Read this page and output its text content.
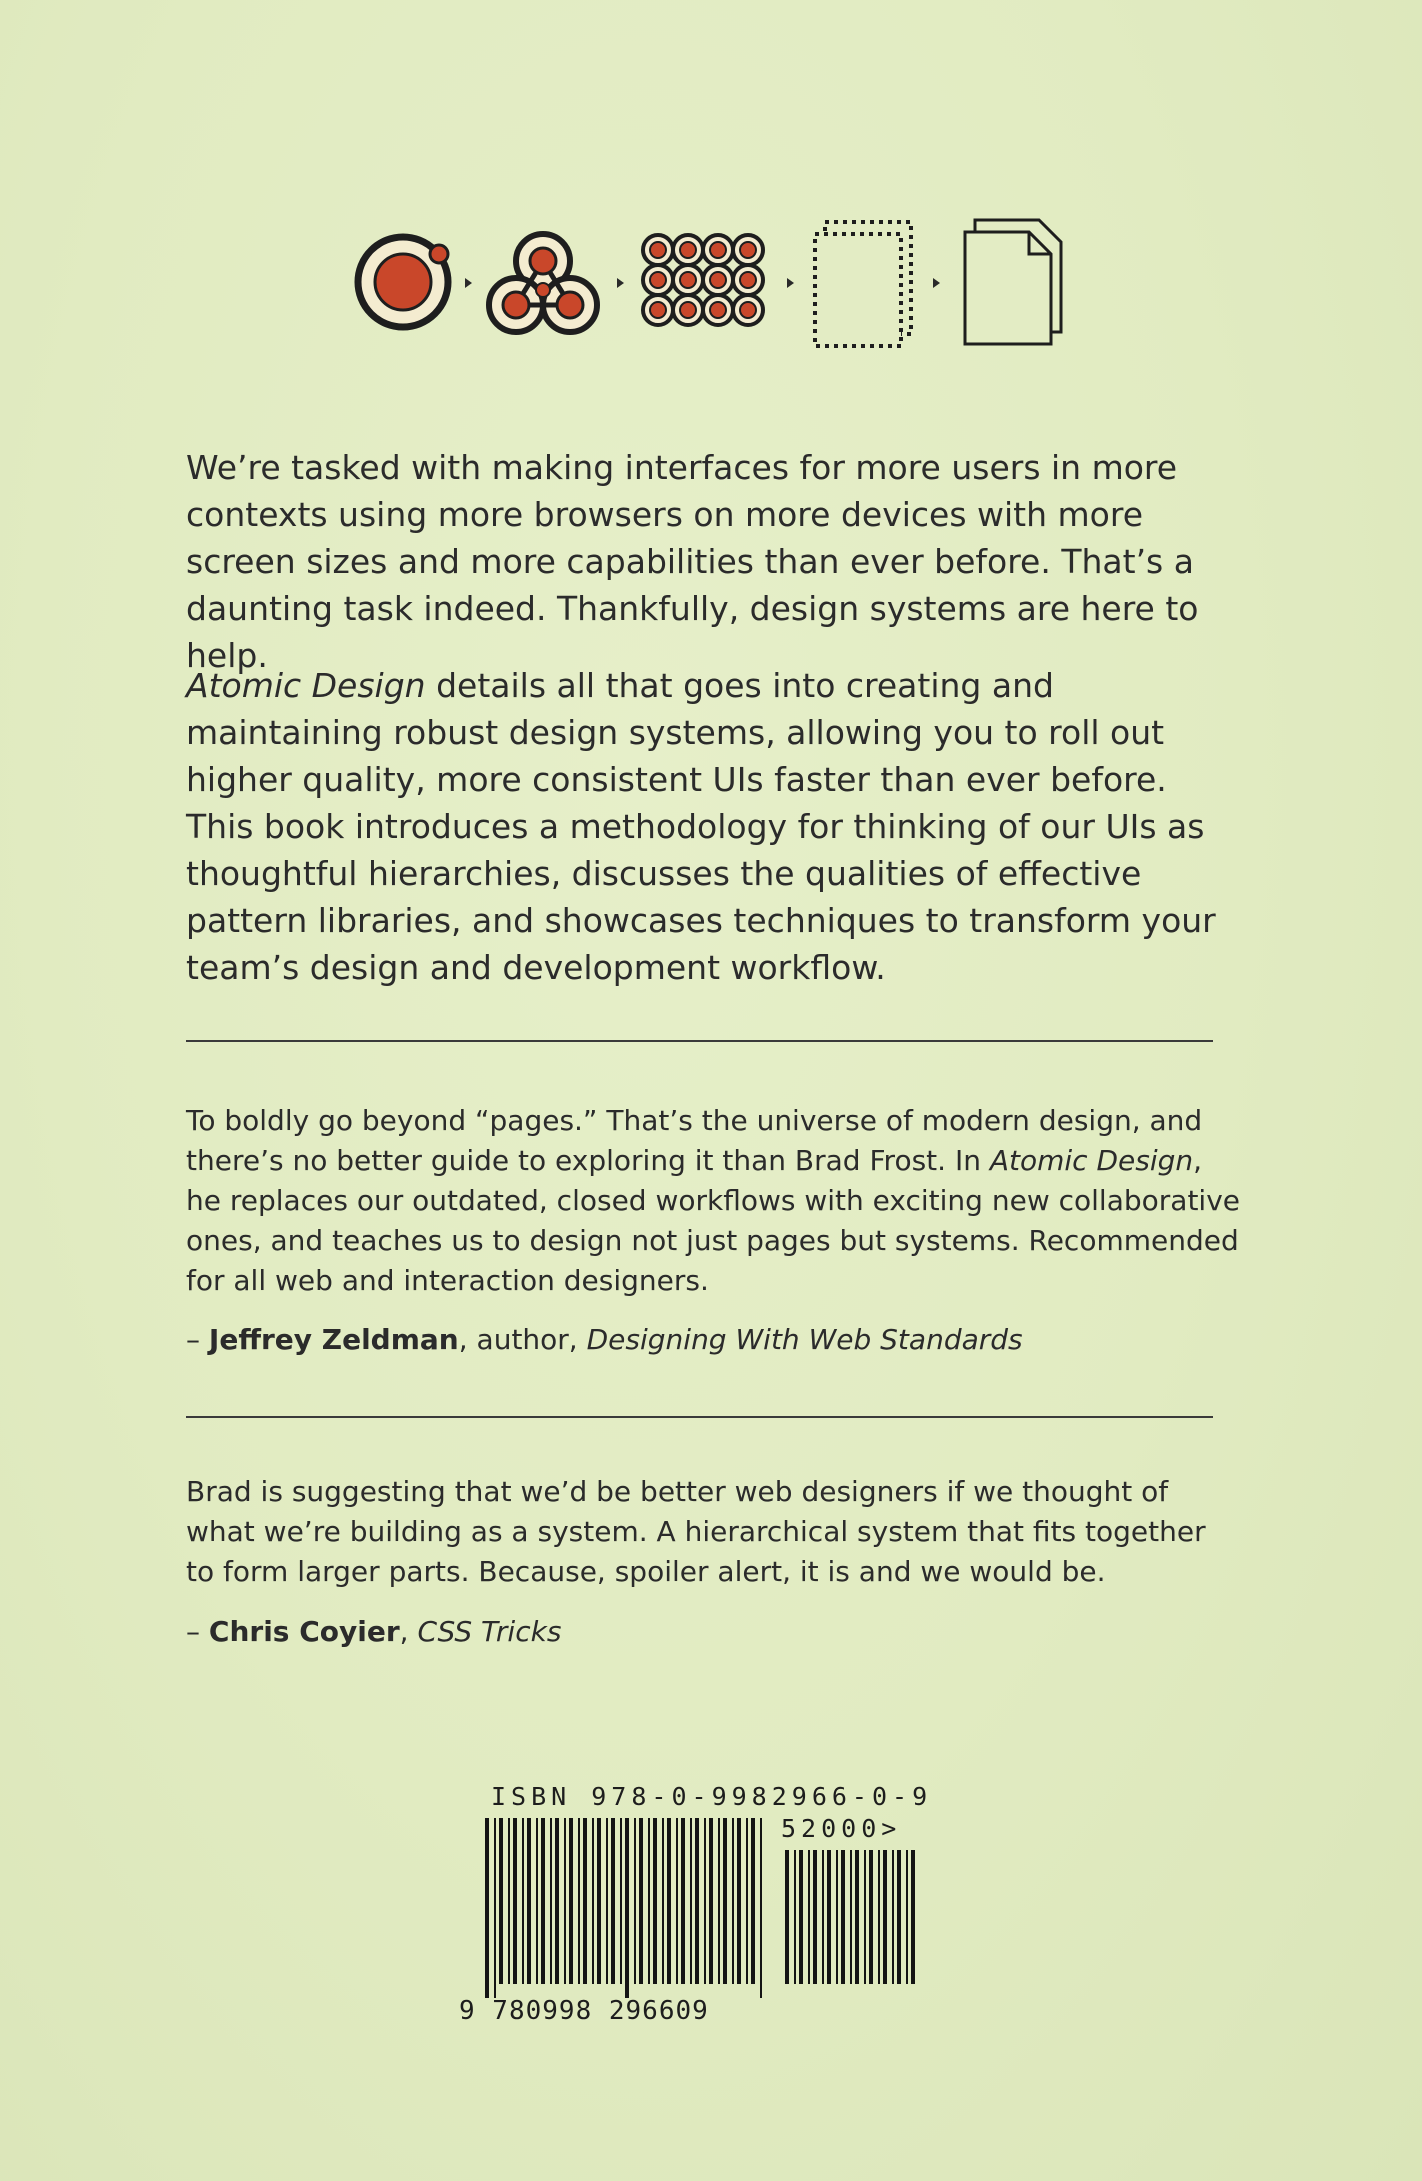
We’re tasked with making interfaces for more users in more contexts using more browsers on more devices with more screen sizes and more capabilities than ever before. That’s a daunting task indeed. Thankfully, design systems are here to help.

Atomic Design details all that goes into creating and maintaining robust design systems, allowing you to roll out higher quality, more consistent UIs faster than ever before. This book introduces a methodology for thinking of our UIs as thoughtful hierarchies, discusses the qualities of effective pattern libraries, and showcases techniques to transform your team’s design and development workflow.

To boldly go beyond “pages.” That’s the universe of modern design, and there’s no better guide to exploring it than Brad Frost. In Atomic Design, he replaces our outdated, closed workflows with exciting new collaborative ones, and teaches us to design not just pages but systems. Recommended for all web and interaction designers.

– Jeffrey Zeldman, author, Designing With Web Standards

Brad is suggesting that we’d be better web designers if we thought of what we’re building as a system. A hierarchical system that fits together to form larger parts. Because, spoiler alert, it is and we would be.

– Chris Coyier, CSS Tricks

ISBN 978-0-9982966-0-9
52000>
9 780998 296609
